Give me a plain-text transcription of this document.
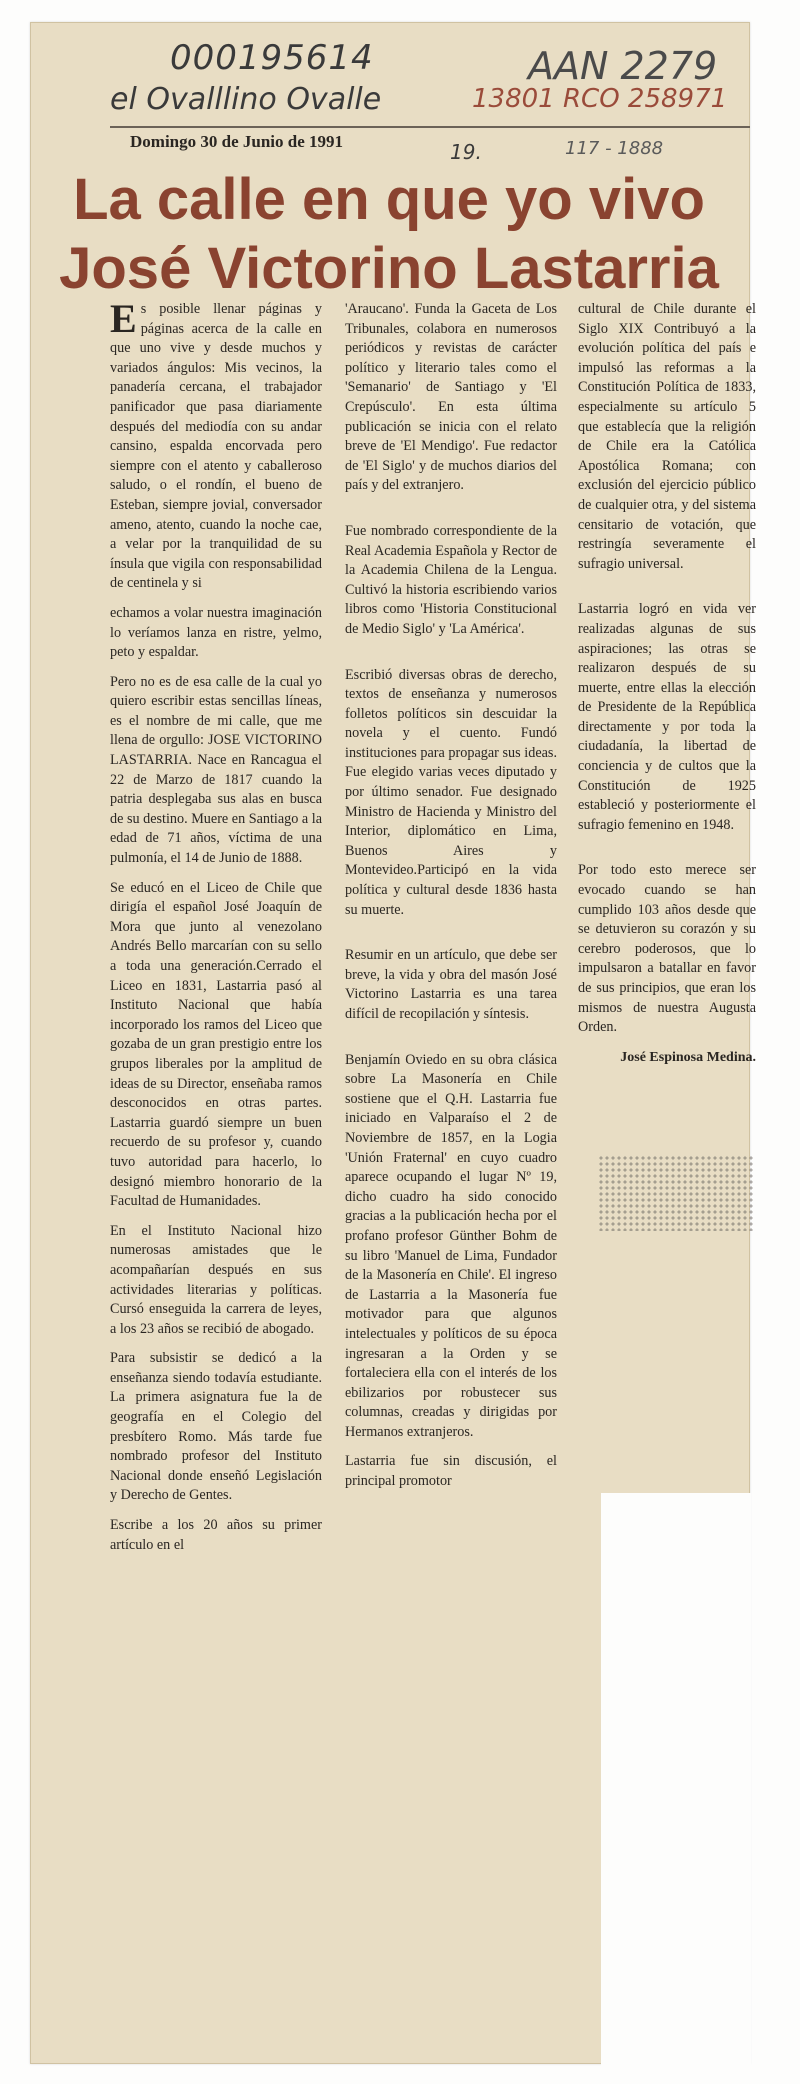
000195614
el Ovalllino Ovalle
AAN 2279
13801 RCO 258971
19.	117 - 1888
Domingo 30 de Junio de 1991
La calle en que yo vivo
José Victorino Lastarria

Es posible llenar páginas y páginas acerca de la calle en que uno vive y desde muchos y variados ángulos: Mis vecinos, la panadería cercana, el trabajador panificador que pasa diariamente después del mediodía con su andar cansino, espalda encorvada pero siempre con el atento y caballeroso saludo, o el rondín, el bueno de Esteban, siempre jovial, conversador ameno, atento, cuando la noche cae, a velar por la tranquilidad de su ínsula que vigila con responsabilidad de centinela y si

echamos a volar nuestra imaginación lo veríamos lanza en ristre, yelmo, peto y espaldar.

Pero no es de esa calle de la cual yo quiero escribir estas sencillas líneas, es el nombre de mi calle, que me llena de orgullo: JOSE VICTORINO LASTARRIA. Nace en Rancagua el 22 de Marzo de 1817 cuando la patria desplegaba sus alas en busca de su destino. Muere en Santiago a la edad de 71 años, víctima de una pulmonía, el 14 de Junio de 1888.

Se educó en el Liceo de Chile que dirigía el español José Joaquín de Mora que junto al venezolano Andrés Bello marcarían con su sello a toda una generación.Cerrado el Liceo en 1831, Lastarria pasó al Instituto Nacional que había incorporado los ramos del Liceo que gozaba de un gran prestigio entre los grupos liberales por la amplitud de ideas de su Director, enseñaba ramos desconocidos en otras partes. Lastarria guardó siempre un buen recuerdo de su profesor y, cuando tuvo autoridad para hacerlo, lo designó miembro honorario de la Facultad de Humanidades.

En el Instituto Nacional hizo numerosas amistades que le acompañarían después en sus actividades literarias y políticas. Cursó enseguida la carrera de leyes, a los 23 años se recibió de abogado.

Para subsistir se dedicó a la enseñanza siendo todavía estudiante. La primera asignatura fue la de geografía en el Colegio del presbítero Romo. Más tarde fue nombrado profesor del Instituto Nacional donde enseñó Legislación y Derecho de Gentes.

Escribe a los 20 años su primer artículo en el

'Araucano'. Funda la Gaceta de Los Tribunales, colabora en numerosos periódicos y revistas de carácter político y literario tales como el 'Semanario' de Santiago y 'El Crepúsculo'. En esta última publicación se inicia con el relato breve de 'El Mendigo'. Fue redactor de 'El Siglo' y de muchos diarios del país y del extranjero.

Fue nombrado correspondiente de la Real Academia Española y Rector de la Academia Chilena de la Lengua. Cultivó la historia escribiendo varios libros como 'Historia Constitucional de Medio Siglo' y 'La América'.

Escribió diversas obras de derecho, textos de enseñanza y numerosos folletos políticos sin descuidar la novela y el cuento. Fundó instituciones para propagar sus ideas. Fue elegido varias veces diputado y por último senador. Fue designado Ministro de Hacienda y Ministro del Interior, diplomático en Lima, Buenos Aires y Montevideo.Participó en la vida política y cultural desde 1836 hasta su muerte.

Resumir en un artículo, que debe ser breve, la vida y obra del masón José Victorino Lastarria es una tarea difícil de recopilación y síntesis.

Benjamín Oviedo en su obra clásica sobre La Masonería en Chile sostiene que el Q.H. Lastarria fue iniciado en Valparaíso el 2 de Noviembre de 1857, en la Logia 'Unión Fraternal' en cuyo cuadro aparece ocupando el lugar Nº 19, dicho cuadro ha sido conocido gracias a la publicación hecha por el profano profesor Günther Bohm de su libro 'Manuel de Lima, Fundador de la Masonería en Chile'. El ingreso de Lastarria a la Masonería fue motivador para que algunos intelectuales y políticos de su época ingresaran a la Orden y se fortaleciera ella con el interés de los ebilizarios por robustecer sus columnas, creadas y dirigidas por Hermanos extranjeros.

Lastarria fue sin discusión, el principal promotor

cultural de Chile durante el Siglo XIX Contribuyó a la evolución política del país e impulsó las reformas a la Constitución Política de 1833, especialmente su artículo 5 que establecía que la religión de Chile era la Católica Apostólica Romana; con exclusión del ejercicio público de cualquier otra, y del sistema censitario de votación, que restringía severamente el sufragio universal.

Lastarria logró en vida ver realizadas algunas de sus aspiraciones; las otras se realizaron después de su muerte, entre ellas la elección de Presidente de la República directamente y por toda la ciudadanía, la libertad de conciencia y de cultos que la Constitución de 1925 estableció y posteriormente el sufragio femenino en 1948.

Por todo esto merece ser evocado cuando se han cumplido 103 años desde que se detuvieron su corazón y su cerebro poderosos, que lo impulsaron a batallar en favor de sus principios, que eran los mismos de nuestra Augusta Orden.

José Espinosa Medina.
